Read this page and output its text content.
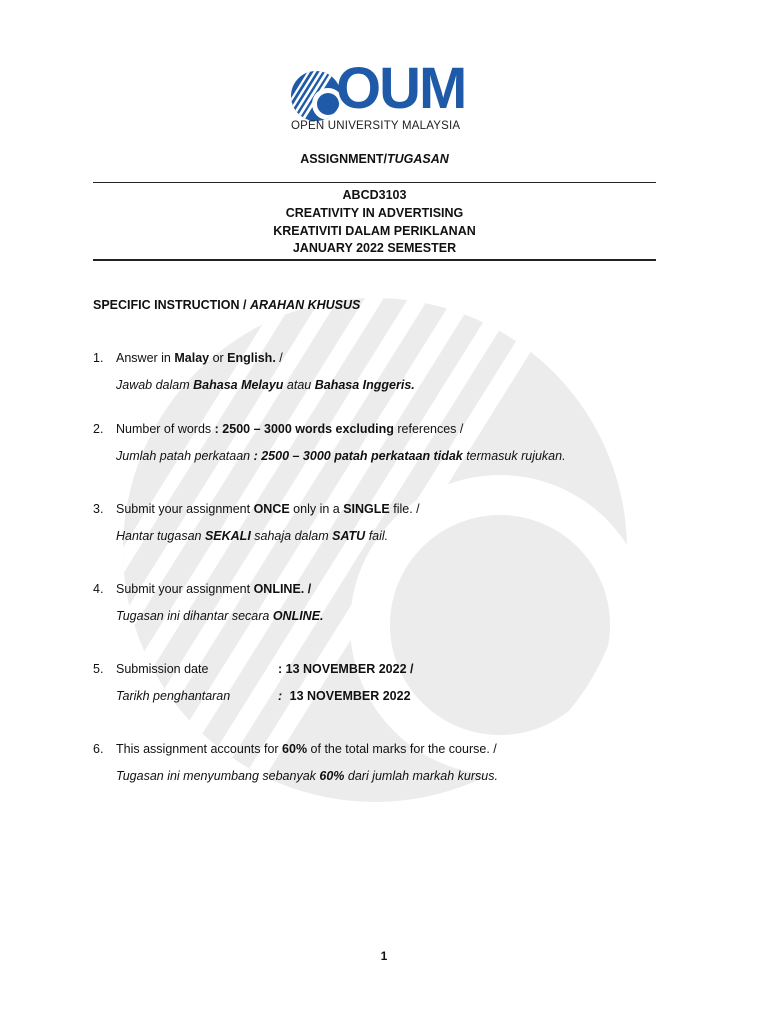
OUM
OPEN UNIVERSITY MALAYSIA
ASSIGNMENT/TUGASAN
ABCD3103
CREATIVITY IN ADVERTISING
KREATIVITI DALAM PERIKLANAN
JANUARY 2022 SEMESTER
SPECIFIC INSTRUCTION / ARAHAN KHUSUS
1. Answer in Malay or English. /
Jawab dalam Bahasa Melayu atau Bahasa Inggeris.
2. Number of words : 2500 – 3000 words excluding references /
Jumlah patah perkataan : 2500 – 3000 patah perkataan tidak termasuk rujukan.
3. Submit your assignment ONCE only in a SINGLE file. /
Hantar tugasan SEKALI sahaja dalam SATU fail.
4. Submit your assignment ONLINE. /
Tugasan ini dihantar secara ONLINE.
5. Submission date	: 13 NOVEMBER 2022 /
Tarikh penghantaran	: 13 NOVEMBER 2022
6. This assignment accounts for 60% of the total marks for the course. /
Tugasan ini menyumbang sebanyak 60% dari jumlah markah kursus.
1
